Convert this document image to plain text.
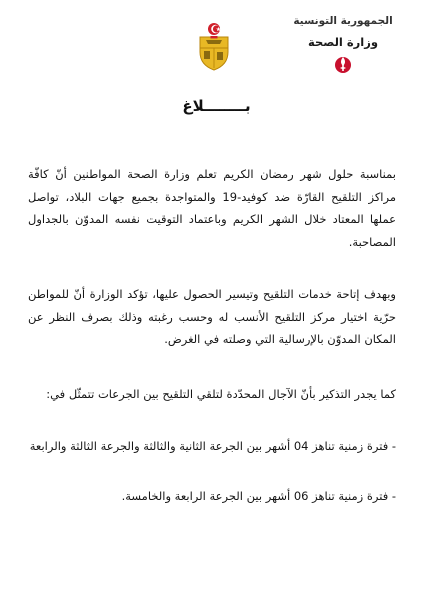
الجمهورية التونسية
وزارة الصحة
بــــــــلاغ
بمناسبة حلول شهر رمضان الكريم تعلم وزارة الصحة المواطنين أنّ كافّة مراكز التلقيح القارّة ضد كوفيد-19 والمتواجدة بجميع جهات البلاد، تواصل عملها المعتاد خلال الشهر الكريم وباعتماد التوقيت نفسه المدوّن بالجداول المصاحبة.
وبهدف إتاحة خدمات التلقيح وتيسير الحصول عليها، تؤكد الوزارة أنّ للمواطن حرّية اختيار مركز التلقيح الأنسب له وحسب رغبته وذلك بصرف النظر عن المكان المدوّن بالإرسالية التي وصلته في الغرض.
كما يجدر التذكير بأنّ الآجال المحدّدة لتلقي التلقيح بين الجرعات تتمثّل في:
- فترة زمنية تناهز 04 أشهر بين الجرعة الثانية والثالثة والجرعة الثالثة والرابعة
- فترة زمنية تناهز 06 أشهر بين الجرعة الرابعة والخامسة.
